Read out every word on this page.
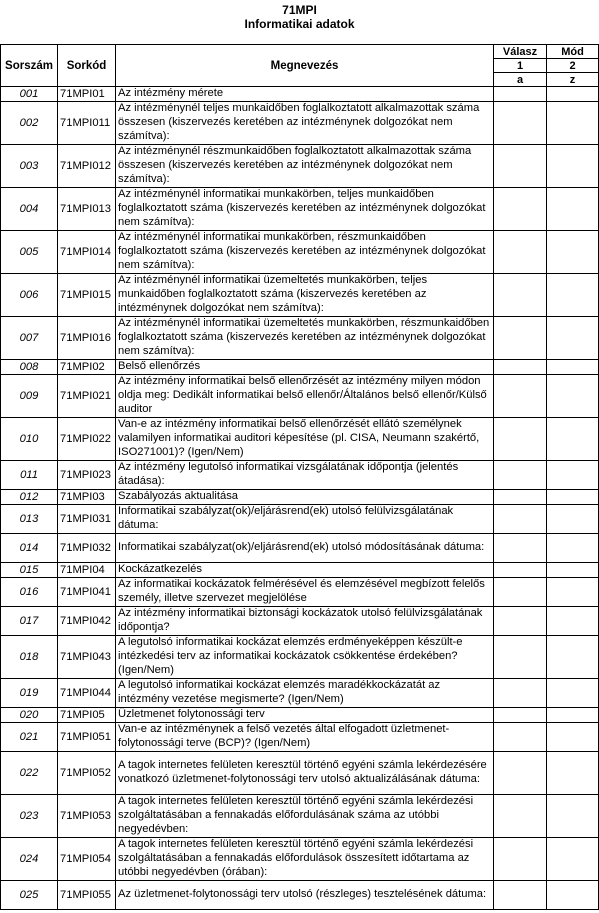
71MPI
Informatikai adatok
Sorszám	Sorkód	Megnevezés	Válasz	Mód
			1	2
			a	z
001	71MPI01	Az intézmény mérete		
002	71MPI011	Az intézménynél teljes munkaidőben foglalkoztatott alkalmazottak száma összesen (kiszervezés keretében az intézménynek dolgozókat nem számítva):		
003	71MPI012	Az intézménynél részmunkaidőben foglalkoztatott alkalmazottak száma összesen (kiszervezés keretében az intézménynek dolgozókat nem számítva):		
004	71MPI013	Az intézménynél informatikai munkakörben, teljes munkaidőben foglalkoztatott száma (kiszervezés keretében az intézménynek dolgozókat nem számítva):		
005	71MPI014	Az intézménynél informatikai munkakörben, részmunkaidőben foglalkoztatott száma (kiszervezés keretében az intézménynek dolgozókat nem számítva):		
006	71MPI015	Az intézménynél informatikai üzemeltetés munkakörben, teljes munkaidőben foglalkoztatott száma (kiszervezés keretében az intézménynek dolgozókat nem számítva):		
007	71MPI016	Az intézménynél informatikai üzemeltetés munkakörben, részmunkaidőben foglalkoztatott száma (kiszervezés keretében az intézménynek dolgozókat nem számítva):		
008	71MPI02	Belső ellenőrzés		
009	71MPI021	Az intézmény informatikai belső ellenőrzését az intézmény milyen módon oldja meg: Dedikált informatikai belső ellenőr/Általános belső ellenőr/Külső auditor		
010	71MPI022	Van-e az intézmény informatikai belső ellenőrzését ellátó személynek valamilyen informatikai auditori képesítése (pl. CISA, Neumann szakértő, ISO271001)? (Igen/Nem)		
011	71MPI023	Az intézmény legutolsó informatikai vizsgálatának időpontja (jelentés átadása):		
012	71MPI03	Szabályozás aktualitása		
013	71MPI031	Informatikai szabályzat(ok)/eljárásrend(ek) utolsó felülvizsgálatának dátuma:		
014	71MPI032	Informatikai szabályzat(ok)/eljárásrend(ek) utolsó módosításának dátuma:		
015	71MPI04	Kockázatkezelés		
016	71MPI041	Az informatikai kockázatok felmérésével és elemzésével megbízott felelős személy, illetve szervezet megjelölése		
017	71MPI042	Az intézmény informatikai biztonsági kockázatok utolsó felülvizsgálatának időpontja?		
018	71MPI043	A legutolsó informatikai kockázat elemzés erdményeképpen készült-e intézkedési terv az informatikai kockázatok csökkentése érdekében? (Igen/Nem)		
019	71MPI044	A legutolsó informatikai kockázat elemzés maradékkockázatát az intézmény vezetése megismerte? (Igen/Nem)		
020	71MPI05	Üzletmenet folytonossági terv		
021	71MPI051	Van-e az intézménynek a felső vezetés által elfogadott üzletmenet-folytonossági terve (BCP)? (Igen/Nem)		
022	71MPI052	A tagok internetes felületen keresztül történő egyéni számla lekérdezésére vonatkozó üzletmenet-folytonossági terv utolsó aktualizálásának dátuma:		
023	71MPI053	A tagok internetes felületen keresztül történő egyéni számla lekérdezési szolgáltatásában a fennakadás előfordulásának száma az utóbbi negyedévben:		
024	71MPI054	A tagok internetes felületen keresztül történő egyéni számla lekérdezési szolgáltatásában a fennakadás előfordulások összesített időtartama az utóbbi negyedévben (órában):		
025	71MPI055	Az üzletmenet-folytonossági terv utolsó (részleges) tesztelésének dátuma:		
